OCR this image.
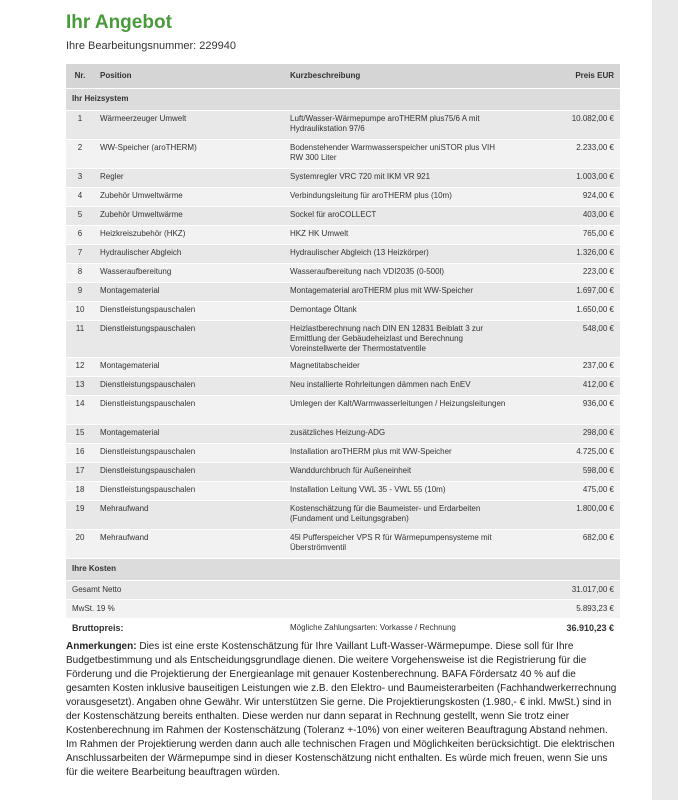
Ihr Angebot
Ihre Bearbeitungsnummer: 229940
Nr.	Position	Kurzbeschreibung	Preis EUR
Ihr Heizsystem			
1	Wärmeerzeuger Umwelt	Luft/Wasser-Wärmepumpe aroTHERM plus75/6 A mit Hydraulikstation 97/6	10.082,00 €
2	WW-Speicher (aroTHERM)	Bodenstehender Warmwasserspeicher uniSTOR plus VIH RW 300 Liter	2.233,00 €
3	Regler	Systemregler VRC 720 mit IKM VR 921	1.003,00 €
4	Zubehör Umweltwärme	Verbindungsleitung für aroTHERM plus (10m)	924,00 €
5	Zubehör Umweltwärme	Sockel für aroCOLLECT	403,00 €
6	Heizkreiszubehör (HKZ)	HKZ HK Umwelt	765,00 €
7	Hydraulischer Abgleich	Hydraulischer Abgleich (13 Heizkörper)	1.326,00 €
8	Wasseraufbereitung	Wasseraufbereitung nach VDI2035 (0-500l)	223,00 €
9	Montagematerial	Montagematerial aroTHERM plus mit WW-Speicher	1.697,00 €
10	Dienstleistungspauschalen	Demontage Öltank	1.650,00 €
11	Dienstleistungspauschalen	Heizlastberechnung nach DIN EN 12831 Beiblatt 3 zur Ermittlung der Gebäudeheizlast und Berechnung Voreinstellwerte der Thermostatventile	548,00 €
12	Montagematerial	Magnetitabscheider	237,00 €
13	Dienstleistungspauschalen	Neu installierte Rohrleitungen dämmen nach EnEV	412,00 €
14	Dienstleistungspauschalen	Umlegen der Kalt/Warmwasserleitungen / Heizungsleitungen	936,00 €
15	Montagematerial	zusätzliches Heizung-ADG	298,00 €
16	Dienstleistungspauschalen	Installation aroTHERM plus mit WW-Speicher	4.725,00 €
17	Dienstleistungspauschalen	Wanddurchbruch für Außeneinheit	598,00 €
18	Dienstleistungspauschalen	Installation Leitung VWL 35 - VWL 55 (10m)	475,00 €
19	Mehraufwand	Kostenschätzung für die Baumeister- und Erdarbeiten (Fundament und Leitungsgraben)	1.800,00 €
20	Mehraufwand	45l Pufferspeicher VPS R für Wärmepumpensysteme mit Überströmventil	682,00 €
Ihre Kosten			
Gesamt Netto			31.017,00 €
MwSt. 19 %			5.893,23 €
Bruttopreis:		Mögliche Zahlungsarten: Vorkasse / Rechnung	36.910,23 €
Anmerkungen: Dies ist eine erste Kostenschätzung für Ihre Vaillant Luft-Wasser-Wärmepumpe. Diese soll für Ihre Budgetbestimmung und als Entscheidungsgrundlage dienen. Die weitere Vorgehensweise ist die Registrierung für die Förderung und die Projektierung der Energieanlage mit genauer Kostenberechnung. BAFA Fördersatz 40 % auf die gesamten Kosten inklusive bauseitigen Leistungen wie z.B. den Elektro- und Baumeisterarbeiten (Fachhandwerkerrechnung vorausgesetzt). Angaben ohne Gewähr. Wir unterstützen Sie gerne. Die Projektierungskosten (1.980,- € inkl. MwSt.) sind in der Kostenschätzung bereits enthalten. Diese werden nur dann separat in Rechnung gestellt, wenn Sie trotz einer Kostenberechnung im Rahmen der Kostenschätzung (Toleranz +-10%) von einer weiteren Beauftragung Abstand nehmen. Im Rahmen der Projektierung werden dann auch alle technischen Fragen und Möglichkeiten berücksichtigt. Die elektrischen Anschlussarbeiten der Wärmepumpe sind in dieser Kostenschätzung nicht enthalten. Es würde mich freuen, wenn Sie uns für die weitere Bearbeitung beauftragen würden.
